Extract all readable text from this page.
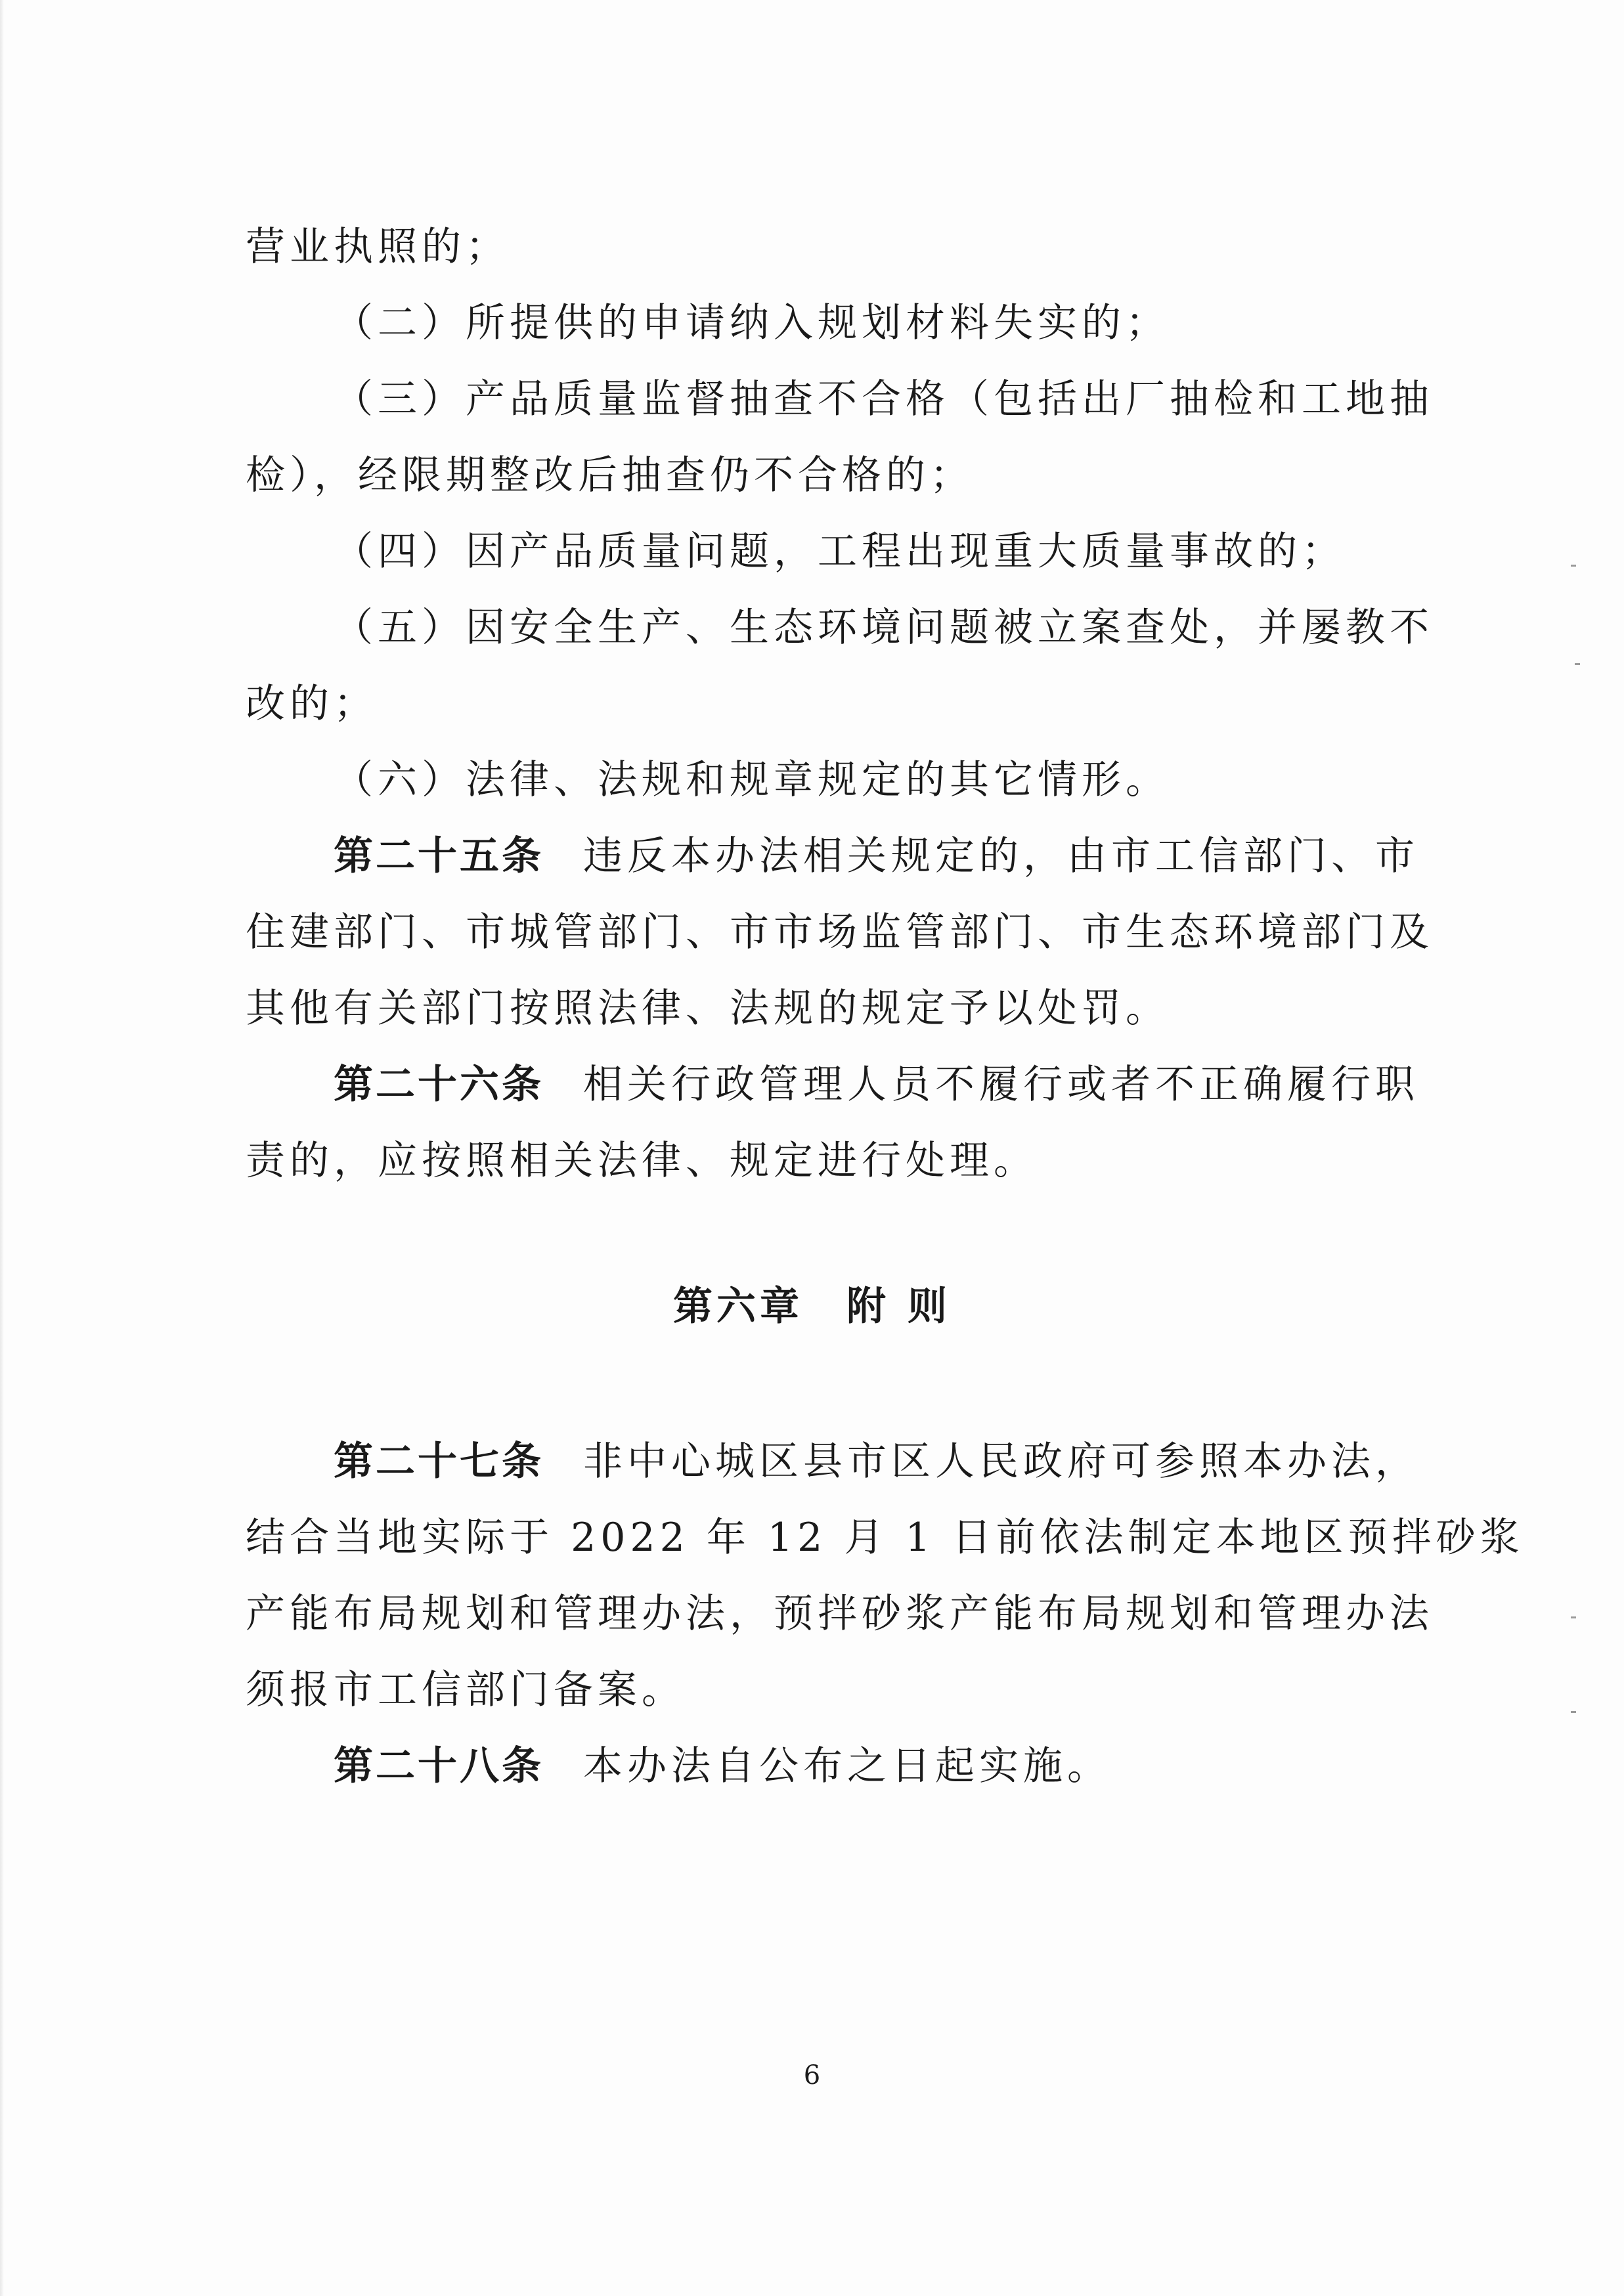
营业执照的；
（二）所提供的申请纳入规划材料失实的；
（三）产品质量监督抽查不合格（包括出厂抽检和工地抽
检），经限期整改后抽查仍不合格的；
（四）因产品质量问题，工程出现重大质量事故的；
（五）因安全生产、生态环境问题被立案查处，并屡教不
改的；
（六）法律、法规和规章规定的其它情形。
第二十五条 违反本办法相关规定的，由市工信部门、市
住建部门、市城管部门、市市场监管部门、市生态环境部门及
其他有关部门按照法律、法规的规定予以处罚。
第二十六条 相关行政管理人员不履行或者不正确履行职
责的，应按照相关法律、规定进行处理。
第六章　附 则
第二十七条 非中心城区县市区人民政府可参照本办法，
结合当地实际于 2022 年 12 月 1 日前依法制定本地区预拌砂浆
产能布局规划和管理办法，预拌砂浆产能布局规划和管理办法
须报市工信部门备案。
第二十八条 本办法自公布之日起实施。
6
